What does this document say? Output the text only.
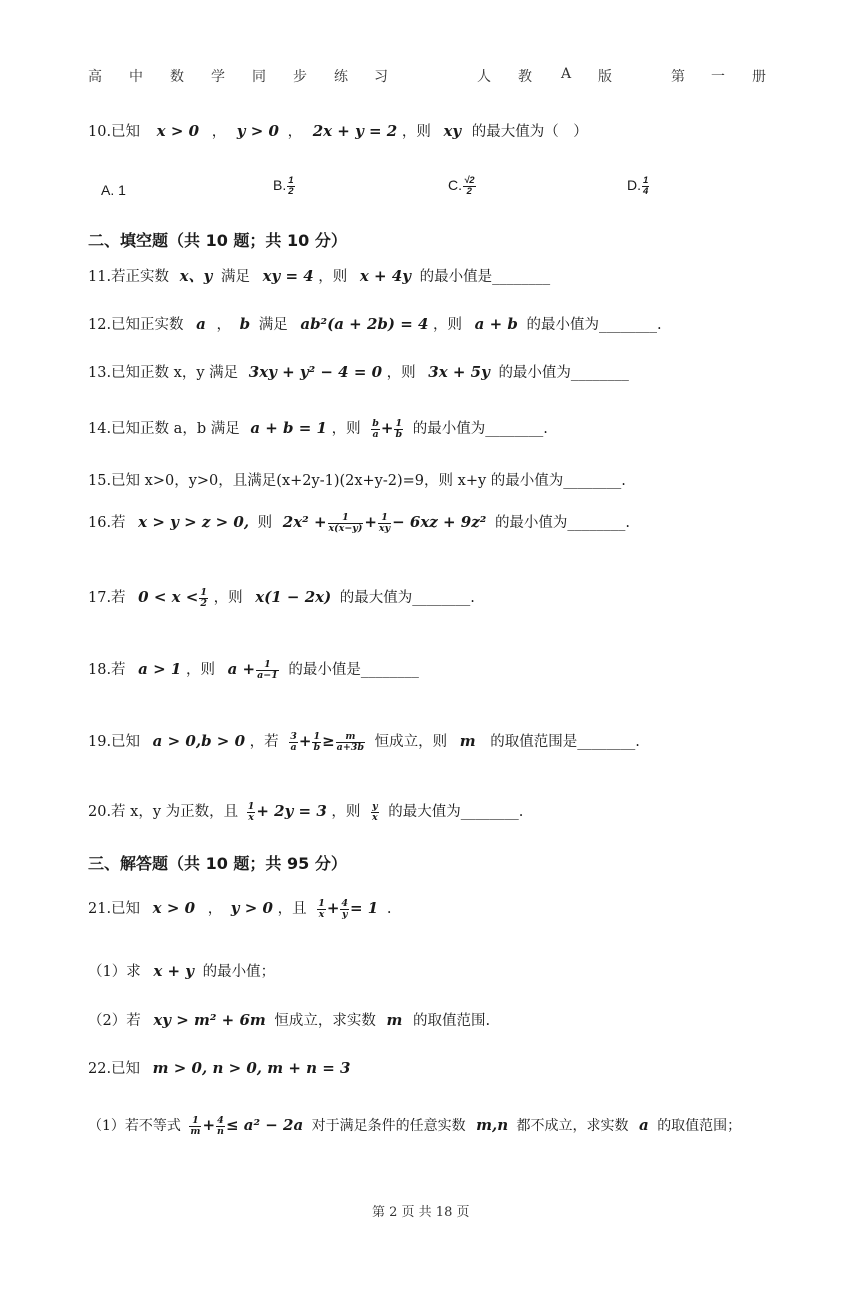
高 中 数 学 同 步 练 习	人 教 A 版	第 一 册
10.已知 x > 0 ， y > 0 ， 2x + y = 2 ，则 xy 的最大值为（　）
A. 1	B. $\frac{1}{2}$	C. $\frac{√2}{2}$	D. $\frac{1}{4}$
二、填空题（共 10 题；共 10 分）
11.若正实数 x、y 满足 xy = 4 ，则 x + 4y 的最小值是________
12.已知正实数 a ， b 满足 ab²(a + 2b) = 4 ，则 a + b 的最小值为________.
13.已知正数 x，y 满足 3xy + y² − 4 = 0 ，则 3x + 5y 的最小值为________
14.已知正数 a，b 满足 a + b = 1 ，则 $\frac{b}{a} + \frac{1}{b}$ 的最小值为________.
15.已知 x>0，y>0，且满足(x+2y-1)(2x+y-2)=9，则 x+y 的最小值为________.
16.若 x > y > z > 0, 则 $2x^2 + \frac{1}{x(x-y)} + \frac{1}{xy} - 6xz + 9z^2$ 的最小值为________.
17.若 $0 < x < \frac{1}{2}$ ，则 x(1 − 2x) 的最大值为________.
18.若 a > 1 ，则 $a + \frac{1}{a-1}$ 的最小值是________
19.已知 a > 0,b > 0 ，若 $\frac{3}{a} + \frac{1}{b} \ge \frac{m}{a+3b}$ 恒成立，则 m 的取值范围是________.
20.若 x，y 为正数，且 $\frac{1}{x} + 2y = 3$ ，则 $\frac{y}{x}$ 的最大值为________.
三、解答题（共 10 题；共 95 分）
21.已知 x > 0 ， y > 0 ，且 $\frac{1}{x} + \frac{4}{y} = 1$ .
（1）求 x + y 的最小值；
（2）若 xy > m² + 6m 恒成立，求实数 m 的取值范围.
22.已知 m > 0, n > 0, m + n = 3
（1）若不等式 $\frac{1}{m} + \frac{4}{n} \le a^2 - 2a$ 对于满足条件的任意实数 m,n 都不成立，求实数 a 的取值范围；
第 2 页 共 18 页
